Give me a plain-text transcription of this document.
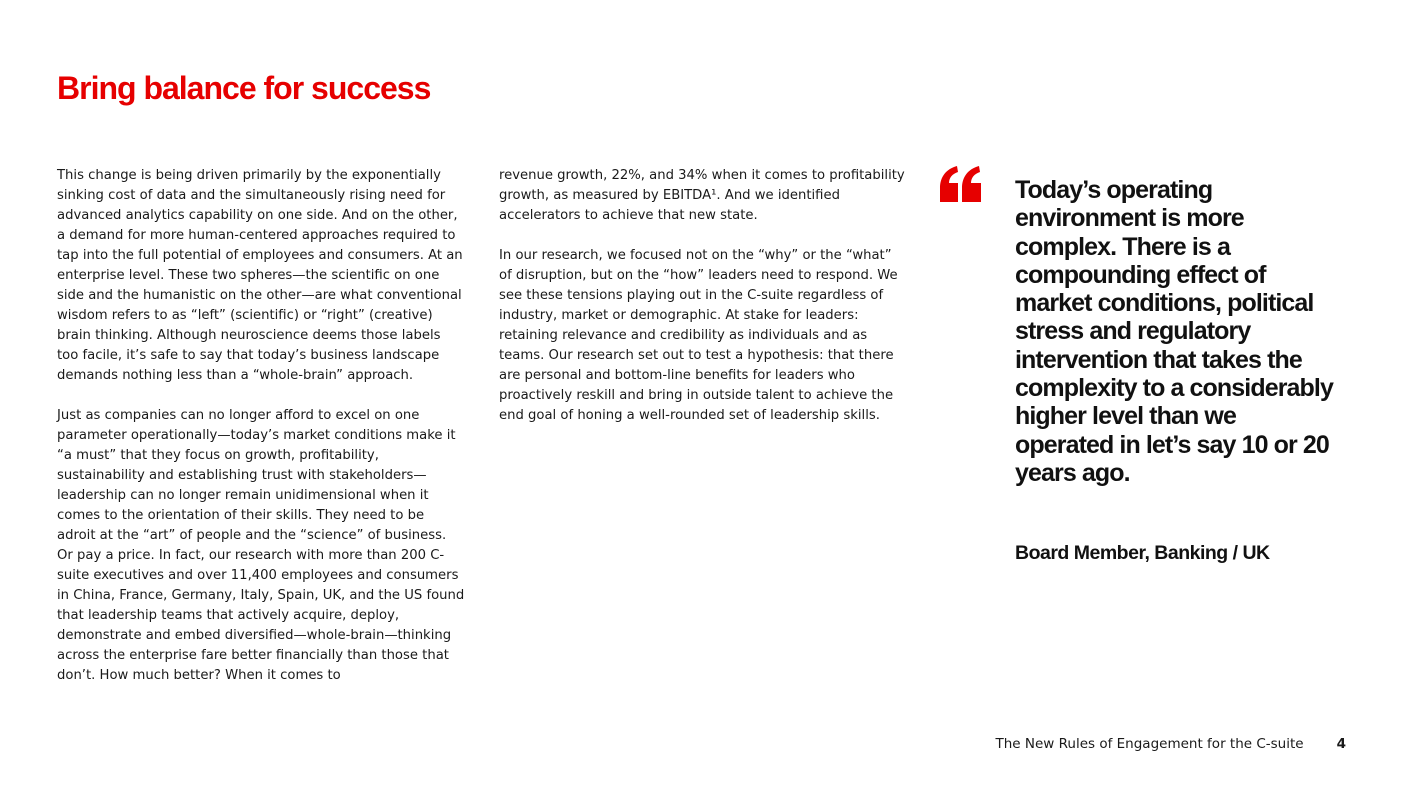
Bring balance for success

This change is being driven primarily by the exponentially sinking cost of data and the simultaneously rising need for advanced analytics capability on one side. And on the other, a demand for more human-centered approaches required to tap into the full potential of employees and consumers. At an enterprise level. These two spheres—the scientific on one side and the humanistic on the other—are what conventional wisdom refers to as “left” (scientific) or “right” (creative) brain thinking. Although neuroscience deems those labels too facile, it’s safe to say that today’s business landscape demands nothing less than a “whole-brain” approach.

Just as companies can no longer afford to excel on one parameter operationally—today’s market conditions make it “a must” that they focus on growth, profitability, sustainability and establishing trust with stakeholders—leadership can no longer remain unidimensional when it comes to the orientation of their skills. They need to be adroit at the “art” of people and the “science” of business. Or pay a price. In fact, our research with more than 200 C-suite executives and over 11,400 employees and consumers in China, France, Germany, Italy, Spain, UK, and the US found that leadership teams that actively acquire, deploy, demonstrate and embed diversified—whole-brain—thinking across the enterprise fare better financially than those that don’t. How much better? When it comes to

revenue growth, 22%, and 34% when it comes to profitability growth, as measured by EBITDA¹. And we identified accelerators to achieve that new state.

In our research, we focused not on the “why” or the “what” of disruption, but on the “how” leaders need to respond. We see these tensions playing out in the C-suite regardless of industry, market or demographic. At stake for leaders: retaining relevance and credibility as individuals and as teams. Our research set out to test a hypothesis: that there are personal and bottom-line benefits for leaders who proactively reskill and bring in outside talent to achieve the end goal of honing a well-rounded set of leadership skills.

Today’s operating environment is more complex. There is a compounding effect of market conditions, political stress and regulatory intervention that takes the complexity to a considerably higher level than we operated in let’s say 10 or 20 years ago.
Board Member, Banking / UK
The New Rules of Engagement for the C-suite 4
